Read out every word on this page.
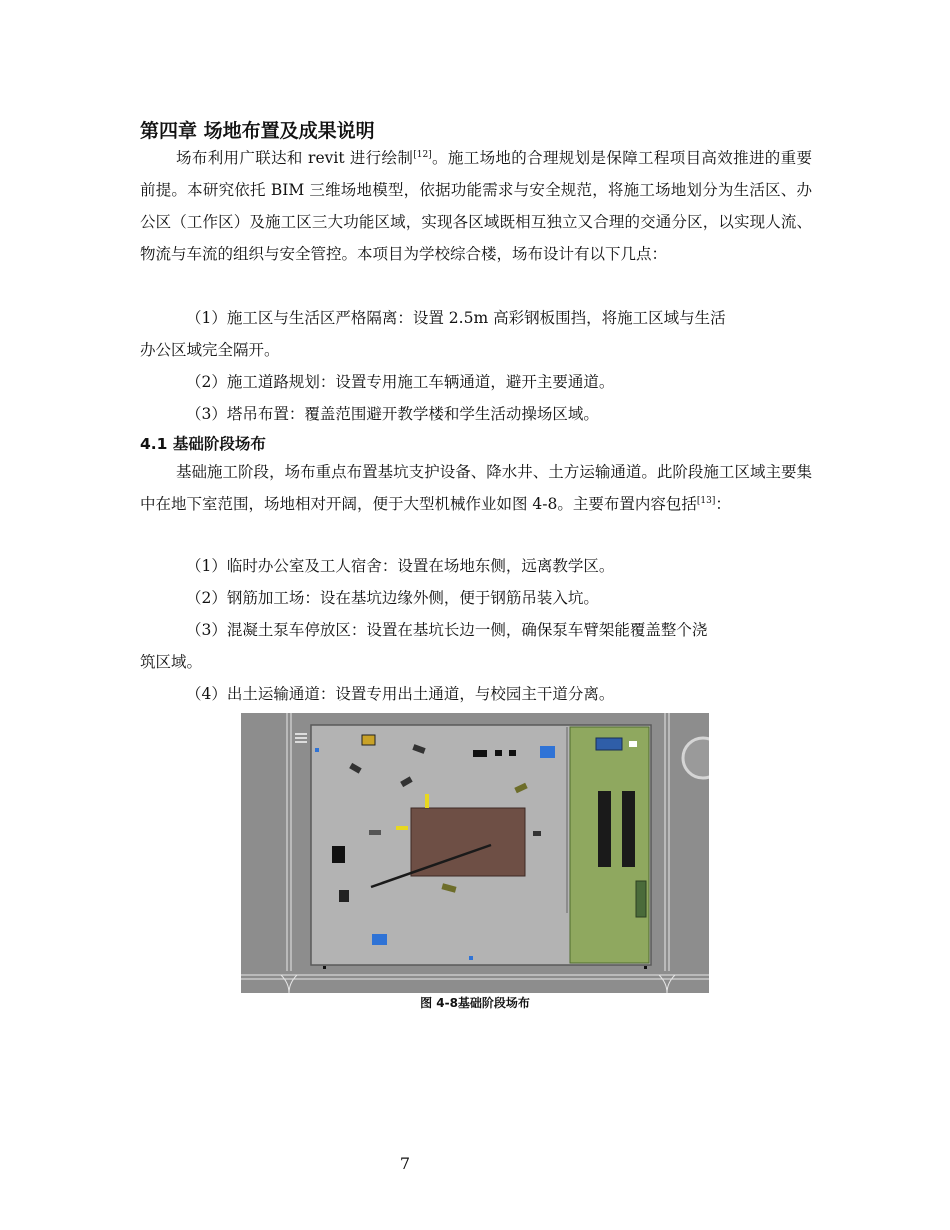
第四章 场地布置及成果说明

场布利用广联达和 revit 进行绘制[12]。施工场地的合理规划是保障工程项目高效推进的重要前提。本研究依托 BIM 三维场地模型，依据功能需求与安全规范，将施工场地划分为生活区、办公区（工作区）及施工区三大功能区域，实现各区域既相互独立又合理的交通分区，以实现人流、物流与车流的组织与安全管控。本项目为学校综合楼，场布设计有以下几点：

（1）施工区与生活区严格隔离：设置 2.5m 高彩钢板围挡，将施工区域与生活

办公区域完全隔开。

（2）施工道路规划：设置专用施工车辆通道，避开主要通道。

（3）塔吊布置：覆盖范围避开教学楼和学生活动操场区域。

4.1 基础阶段场布

基础施工阶段，场布重点布置基坑支护设备、降水井、土方运输通道。此阶段施工区域主要集中在地下室范围，场地相对开阔，便于大型机械作业如图 4-8。主要布置内容包括[13]：

（1）临时办公室及工人宿舍：设置在场地东侧，远离教学区。

（2）钢筋加工场：设在基坑边缘外侧，便于钢筋吊装入坑。

（3）混凝土泵车停放区：设置在基坑长边一侧，确保泵车臂架能覆盖整个浇

筑区域。

（4）出土运输通道：设置专用出土通道，与校园主干道分离。

图 4-8基础阶段场布
7
